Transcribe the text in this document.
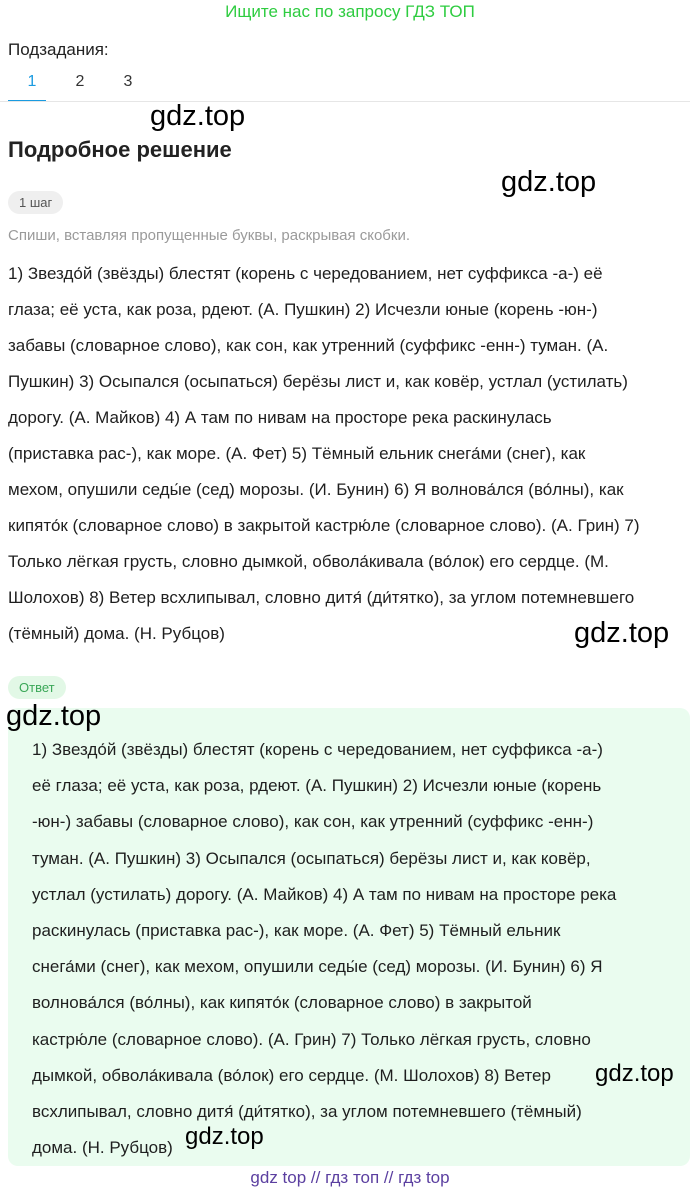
Ищите нас по запросу ГДЗ ТОП
Подзадания:
1	2	3
gdz.top
Подробное решение
gdz.top
1 шаг
Спиши, вставляя пропущенные буквы, раскрывая скобки.
1) Звездо́й (звёзды) блестят (корень с чередованием, нет суффикса -а-) её
глаза; её уста, как роза, рдеют. (А. Пушкин) 2) Исчезли юные (корень -юн-)
забавы (словарное слово), как сон, как утренний (суффикс -енн-) туман. (А.
Пушкин) 3) Осыпался (осыпаться) берёзы лист и, как ковёр, устлал (устилать)
дорогу. (А. Майков) 4) А там по нивам на просторе река раскинулась
(приставка рас-), как море. (А. Фет) 5) Тёмный ельник снега́ми (снег), как
мехом, опушили седы́е (сед) морозы. (И. Бунин) 6) Я волнова́лся (во́лны), как
кипято́к (словарное слово) в закрытой кастрю́ле (словарное слово). (А. Грин) 7)
Только лёгкая грусть, словно дымкой, обвола́кивала (во́лок) его сердце. (М.
Шолохов) 8) Ветер всхлипывал, словно дитя́ (ди́тятко), за углом потемневшего
(тёмный) дома. (Н. Рубцов)	gdz.top
Ответ
gdz.top
1) Звездо́й (звёзды) блестят (корень с чередованием, нет суффикса -а-)
её глаза; её уста, как роза, рдеют. (А. Пушкин) 2) Исчезли юные (корень
-юн-) забавы (словарное слово), как сон, как утренний (суффикс -енн-)
туман. (А. Пушкин) 3) Осыпался (осыпаться) берёзы лист и, как ковёр,
устлал (устилать) дорогу. (А. Майков) 4) А там по нивам на просторе река
раскинулась (приставка рас-), как море. (А. Фет) 5) Тёмный ельник
снега́ми (снег), как мехом, опушили седы́е (сед) морозы. (И. Бунин) 6) Я
волнова́лся (во́лны), как кипято́к (словарное слово) в закрытой
кастрю́ле (словарное слово). (А. Грин) 7) Только лёгкая грусть, словно
дымкой, обвола́кивала (во́лок) его сердце. (М. Шолохов) 8) Ветер
всхлипывал, словно дитя́ (ди́тятко), за углом потемневшего (тёмный)
дома. (Н. Рубцов)
gdz.top
gdz.top
gdz top // гдз топ // гдз top
